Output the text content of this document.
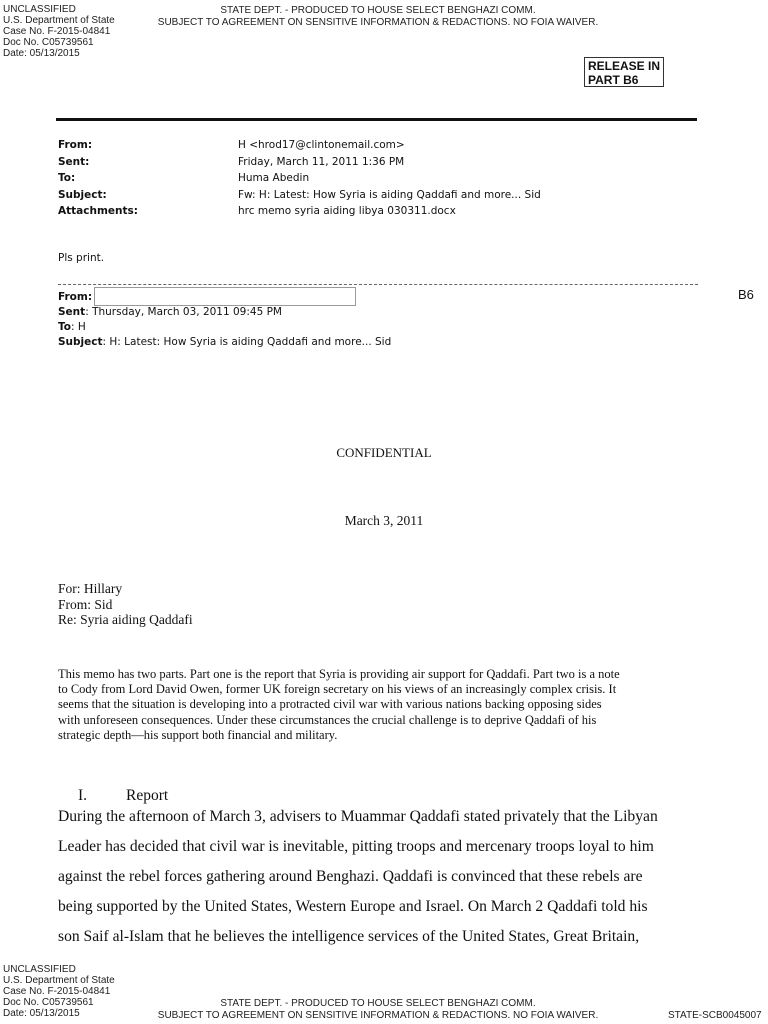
UNCLASSIFIED
U.S. Department of State
Case No. F-2015-04841
Doc No. C05739561
Date: 05/13/2015
STATE DEPT. - PRODUCED TO HOUSE SELECT BENGHAZI COMM.
SUBJECT TO AGREEMENT ON SENSITIVE INFORMATION & REDACTIONS. NO FOIA WAIVER.
RELEASE IN
PART B6
From:	H <hrod17@clintonemail.com>
Sent:	Friday, March 11, 2011 1:36 PM
To:	Huma Abedin
Subject:	Fw: H: Latest: How Syria is aiding Qaddafi and more... Sid
Attachments:	hrc memo syria aiding libya 030311.docx
Pls print.
From:
Sent: Thursday, March 03, 2011 09:45 PM
To: H
Subject: H: Latest: How Syria is aiding Qaddafi and more... Sid
B6
CONFIDENTIAL
March 3, 2011
For: Hillary
From: Sid
Re: Syria aiding Qaddafi
This memo has two parts. Part one is the report that Syria is providing air support for Qaddafi. Part two is a note
to Cody from Lord David Owen, former UK foreign secretary on his views of an increasingly complex crisis. It
seems that the situation is developing into a protracted civil war with various nations backing opposing sides
with unforeseen consequences. Under these circumstances the crucial challenge is to deprive Qaddafi of his
strategic depth—his support both financial and military.
I.	Report
During the afternoon of March 3, advisers to Muammar Qaddafi stated privately that the Libyan
Leader has decided that civil war is inevitable, pitting troops and mercenary troops loyal to him
against the rebel forces gathering around Benghazi. Qaddafi is convinced that these rebels are
being supported by the United States, Western Europe and Israel. On March 2 Qaddafi told his
son Saif al-Islam that he believes the intelligence services of the United States, Great Britain,
UNCLASSIFIED
U.S. Department of State
Case No. F-2015-04841
Doc No. C05739561
Date: 05/13/2015
STATE DEPT. - PRODUCED TO HOUSE SELECT BENGHAZI COMM.
SUBJECT TO AGREEMENT ON SENSITIVE INFORMATION & REDACTIONS. NO FOIA WAIVER.	STATE-SCB0045007
